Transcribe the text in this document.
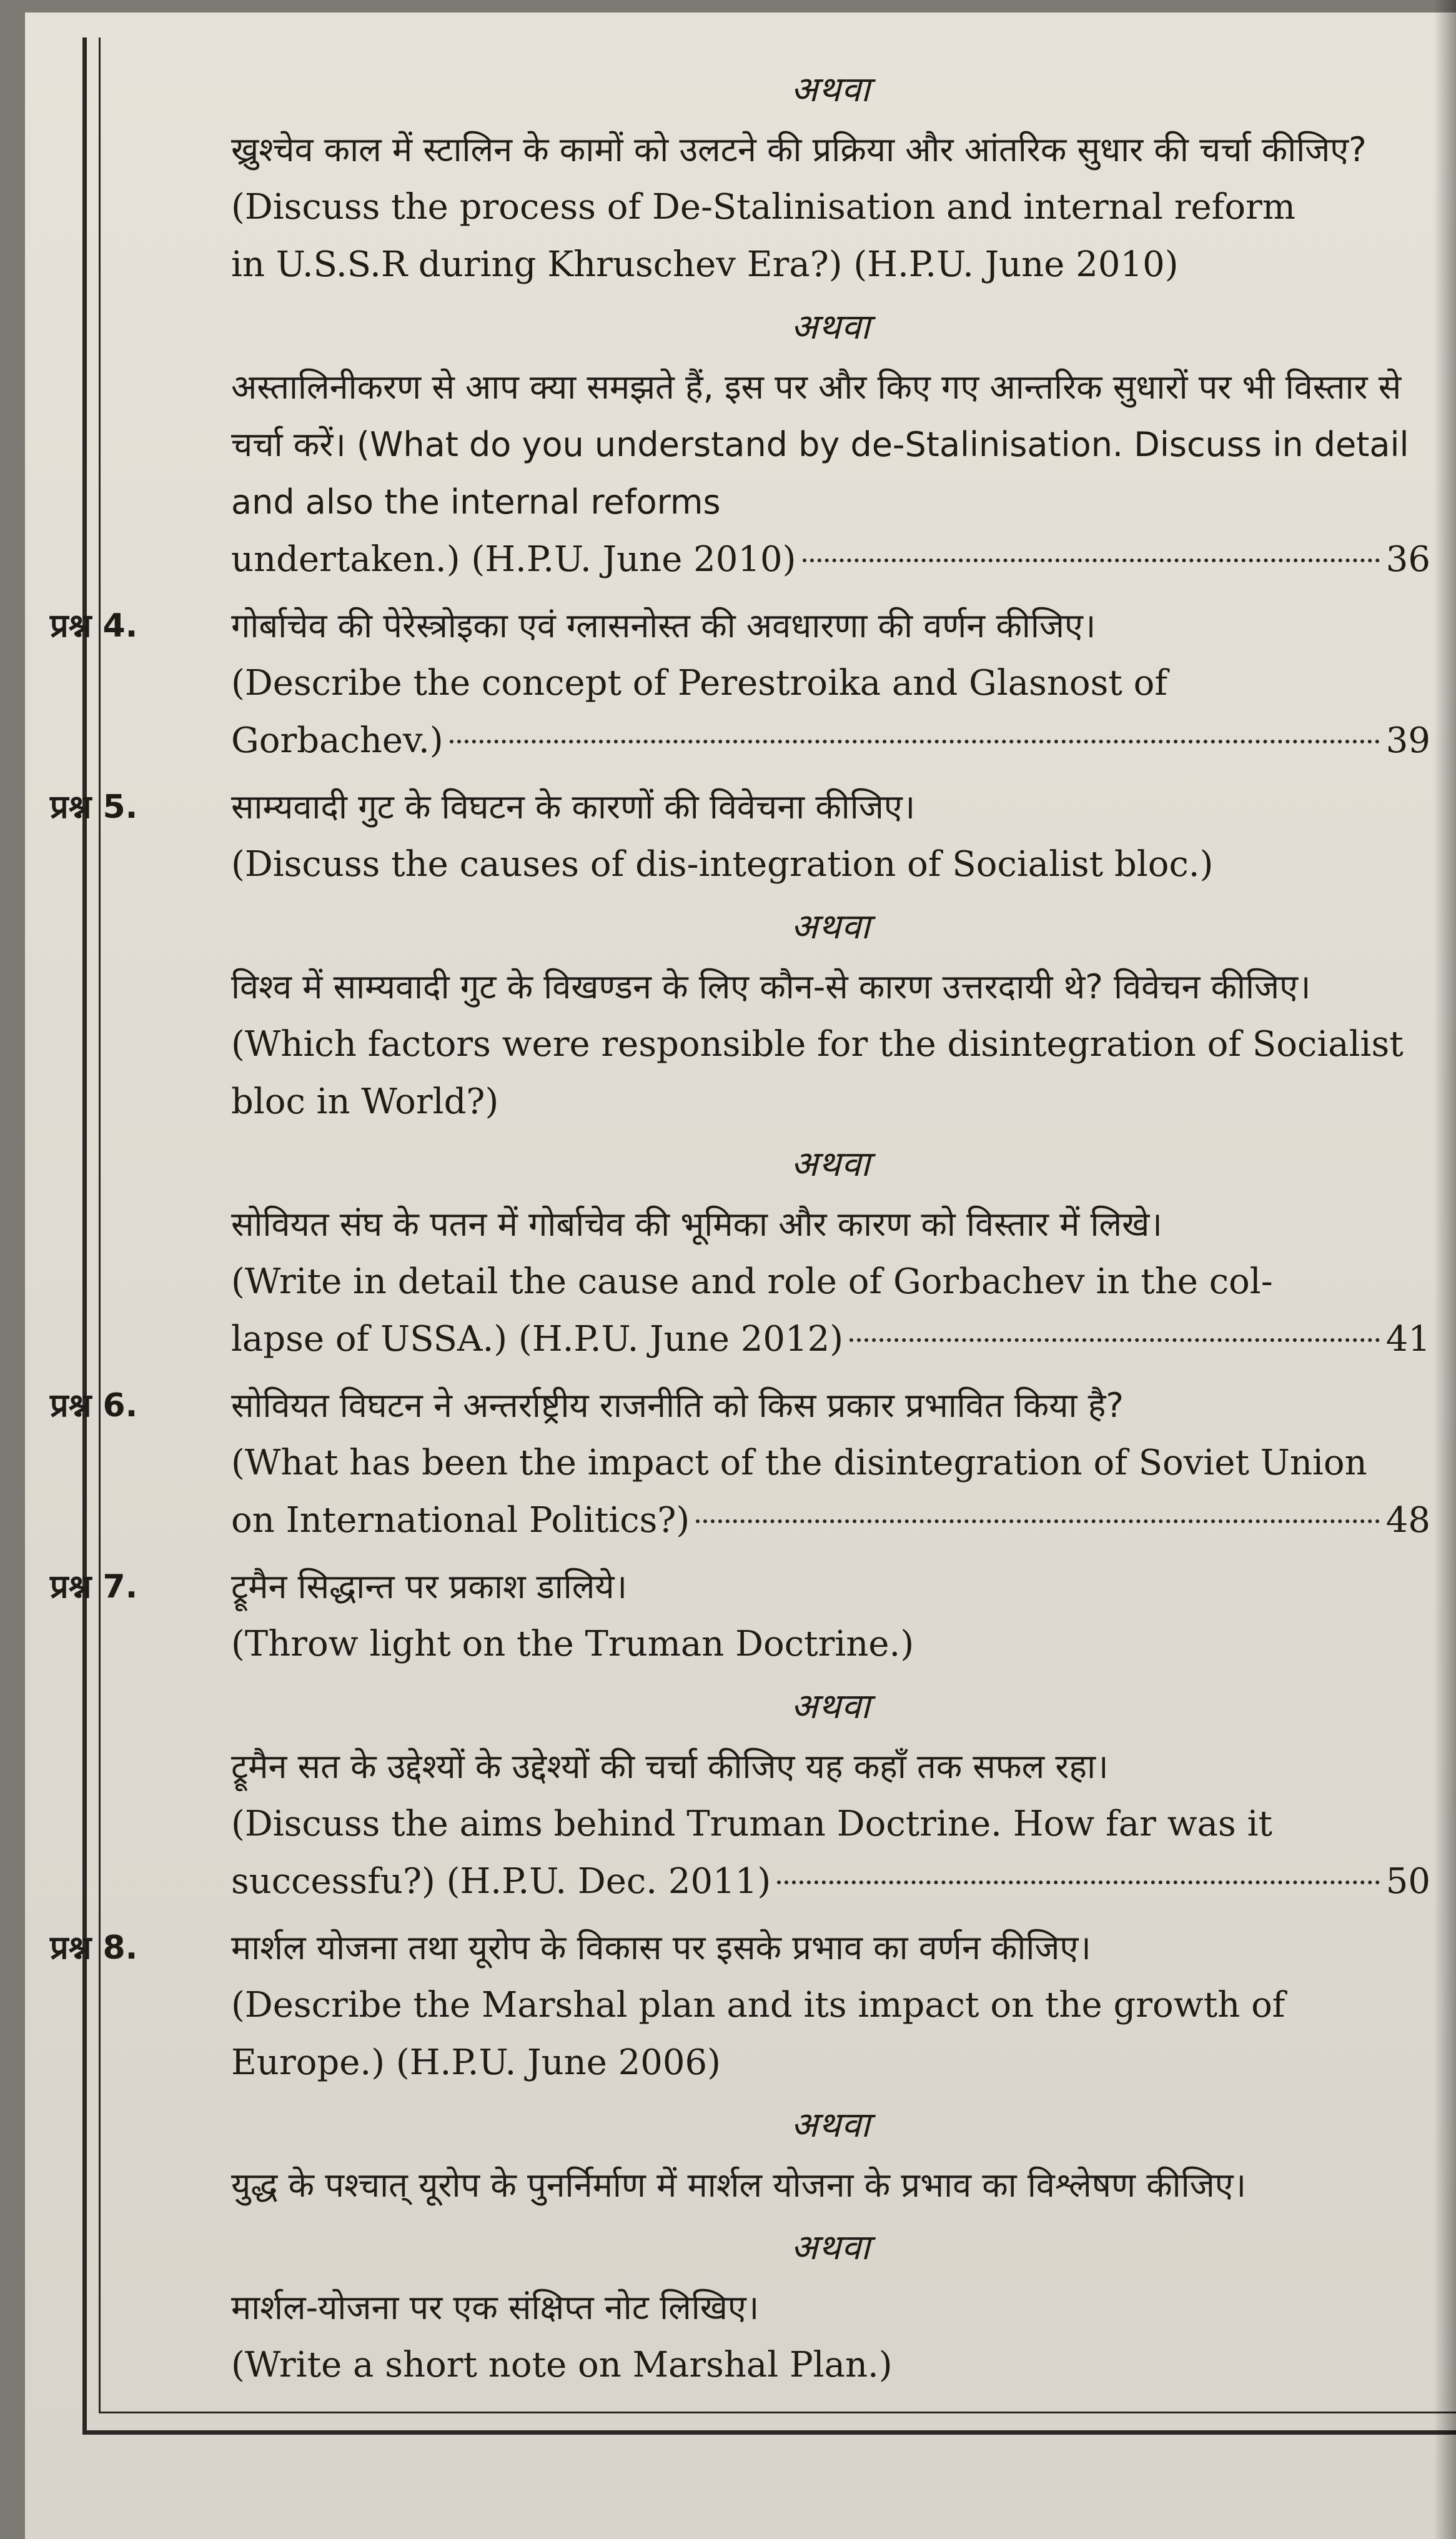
अथवा
ख्रुश्चेव काल में स्टालिन के कामों को उलटने की प्रक्रिया और आंतरिक सुधार की चर्चा कीजिए?
(Discuss the process of De-Stalinisation and internal reform
in U.S.S.R during Khruschev Era?) (H.P.U. June 2010)
अथवा
अस्तालिनीकरण से आप क्या समझते हैं, इस पर और किए गए आन्तरिक सुधारों पर भी विस्तार से चर्चा करें। (What do you understand by de-Stalinisation. Discuss in detail and also the internal reforms
undertaken.) (H.P.U. June 2010)	36
प्रश्न 4.	गोर्बाचेव की पेरेस्त्रोइका एवं ग्लासनोस्त की अवधारणा की वर्णन कीजिए।
(Describe the concept of Perestroika and Glasnost of
Gorbachev.)	39
प्रश्न 5.	साम्यवादी गुट के विघटन के कारणों की विवेचना कीजिए।
(Discuss the causes of dis-integration of Socialist bloc.)
अथवा
विश्व में साम्यवादी गुट के विखण्डन के लिए कौन-से कारण उत्तरदायी थे? विवेचन कीजिए।
(Which factors were responsible for the disintegration of Socialist bloc in World?)
अथवा
सोवियत संघ के पतन में गोर्बाचेव की भूमिका और कारण को विस्तार में लिखे।
(Write in detail the cause and role of Gorbachev in the col-
lapse of USSA.) (H.P.U. June 2012)	41
प्रश्न 6.	सोवियत विघटन ने अन्तर्राष्ट्रीय राजनीति को किस प्रकार प्रभावित किया है?
(What has been the impact of the disintegration of Soviet Union
on International Politics?)	48
प्रश्न 7.	ट्रूमैन सिद्धान्त पर प्रकाश डालिये।
(Throw light on the Truman Doctrine.)
अथवा
ट्रूमैन सत के उद्देश्यों के उद्देश्यों की चर्चा कीजिए यह कहाँ तक सफल रहा।
(Discuss the aims behind Truman Doctrine. How far was it
successfu?) (H.P.U. Dec. 2011)	50
प्रश्न 8.	मार्शल योजना तथा यूरोप के विकास पर इसके प्रभाव का वर्णन कीजिए।
(Describe the Marshal plan and its impact on the growth of Europe.) (H.P.U. June 2006)
अथवा
युद्ध के पश्चात् यूरोप के पुनर्निर्माण में मार्शल योजना के प्रभाव का विश्लेषण कीजिए।
अथवा
मार्शल-योजना पर एक संक्षिप्त नोट लिखिए।
(Write a short note on Marshal Plan.)
